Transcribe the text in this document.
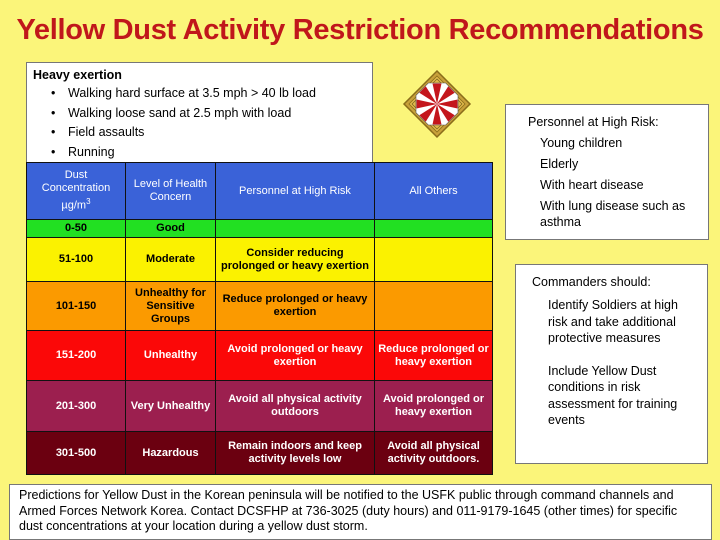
Yellow Dust Activity Restriction Recommendations
Heavy exertion
• Walking hard surface at 3.5 mph > 40 lb load
• Walking loose sand at 2.5 mph with load
• Field assaults
• Running
Personnel at High Risk:
Young children
Elderly
With heart disease
With lung disease such as asthma
Commanders should:
Identify Soldiers at high risk and take additional protective measures
Include Yellow Dust conditions in risk assessment for training events
Dust
Concentration
$\mu g/m^3$	Level of Health Concern	Personnel at High Risk	All Others
0-50	Good		
51-100	Moderate	Consider reducing prolonged or heavy exertion	
101-150	Unhealthy for Sensitive Groups	Reduce prolonged or heavy exertion	
151-200	Unhealthy	Avoid prolonged or heavy exertion	Reduce prolonged or heavy exertion
201-300	Very Unhealthy	Avoid all physical activity outdoors	Avoid prolonged or heavy exertion
301-500	Hazardous	Remain indoors and keep activity levels low	Avoid all physical activity outdoors.
Predictions for Yellow Dust in the Korean peninsula will be notified to the USFK public through command channels and Armed Forces Network Korea. Contact DCSFHP at 736-3025 (duty hours) and 011-9179-1645 (other times) for specific dust concentrations at your location during a yellow dust storm.
